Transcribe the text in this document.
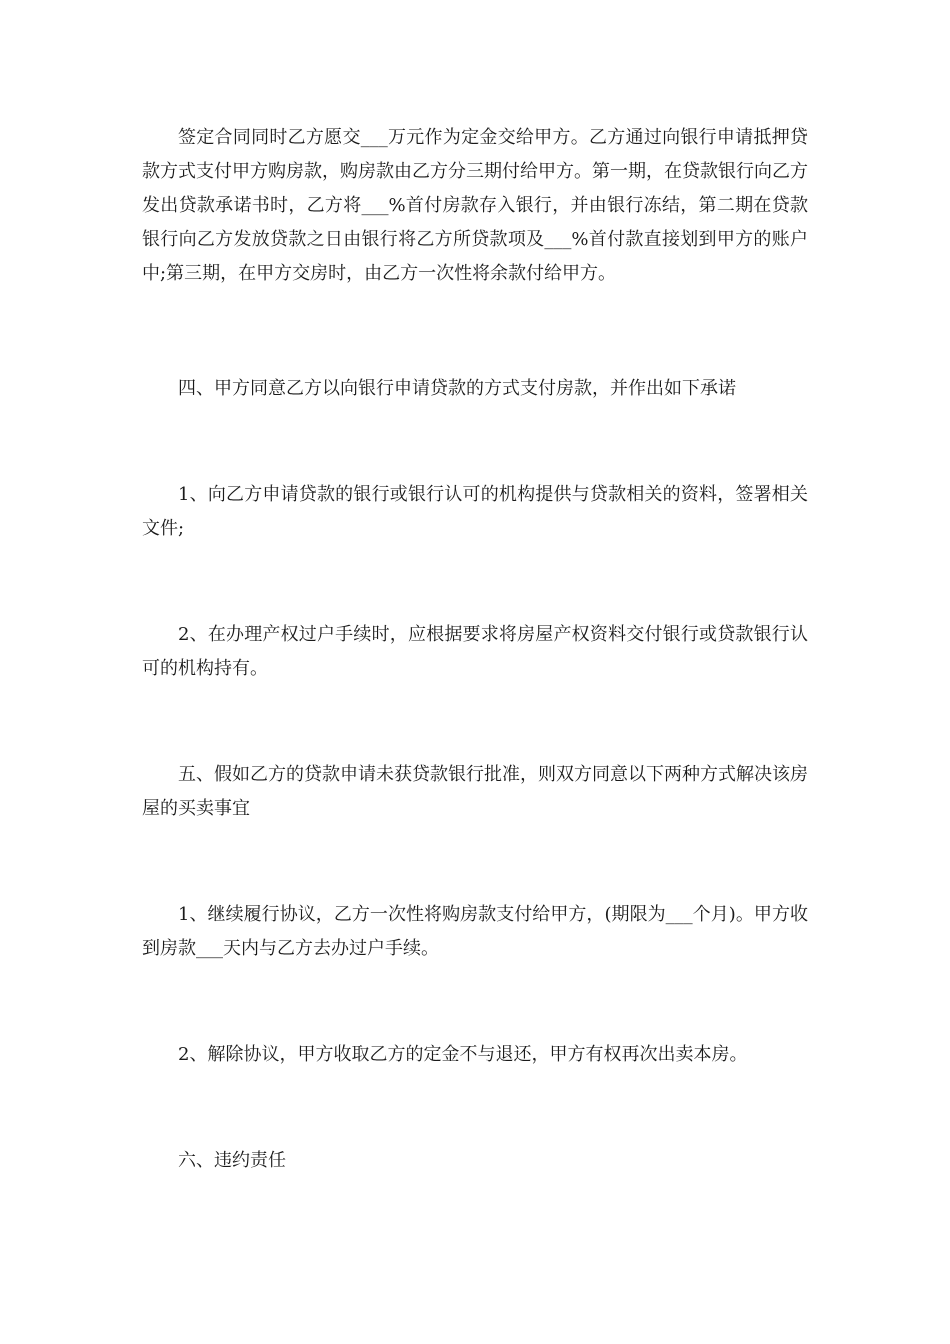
签定合同同时乙方愿交___万元作为定金交给甲方。乙方通过向银行申请抵押贷款方式支付甲方购房款，购房款由乙方分三期付给甲方。第一期，在贷款银行向乙方发出贷款承诺书时，乙方将___%首付房款存入银行，并由银行冻结，第二期在贷款银行向乙方发放贷款之日由银行将乙方所贷款项及___%首付款直接划到甲方的账户中;第三期，在甲方交房时，由乙方一次性将余款付给甲方。

四、甲方同意乙方以向银行申请贷款的方式支付房款，并作出如下承诺

1、向乙方申请贷款的银行或银行认可的机构提供与贷款相关的资料，签署相关文件;

2、在办理产权过户手续时，应根据要求将房屋产权资料交付银行或贷款银行认可的机构持有。

五、假如乙方的贷款申请未获贷款银行批准，则双方同意以下两种方式解决该房屋的买卖事宜

1、继续履行协议，乙方一次性将购房款支付给甲方，(期限为___个月)。甲方收到房款___天内与乙方去办过户手续。

2、解除协议，甲方收取乙方的定金不与退还，甲方有权再次出卖本房。

六、违约责任
